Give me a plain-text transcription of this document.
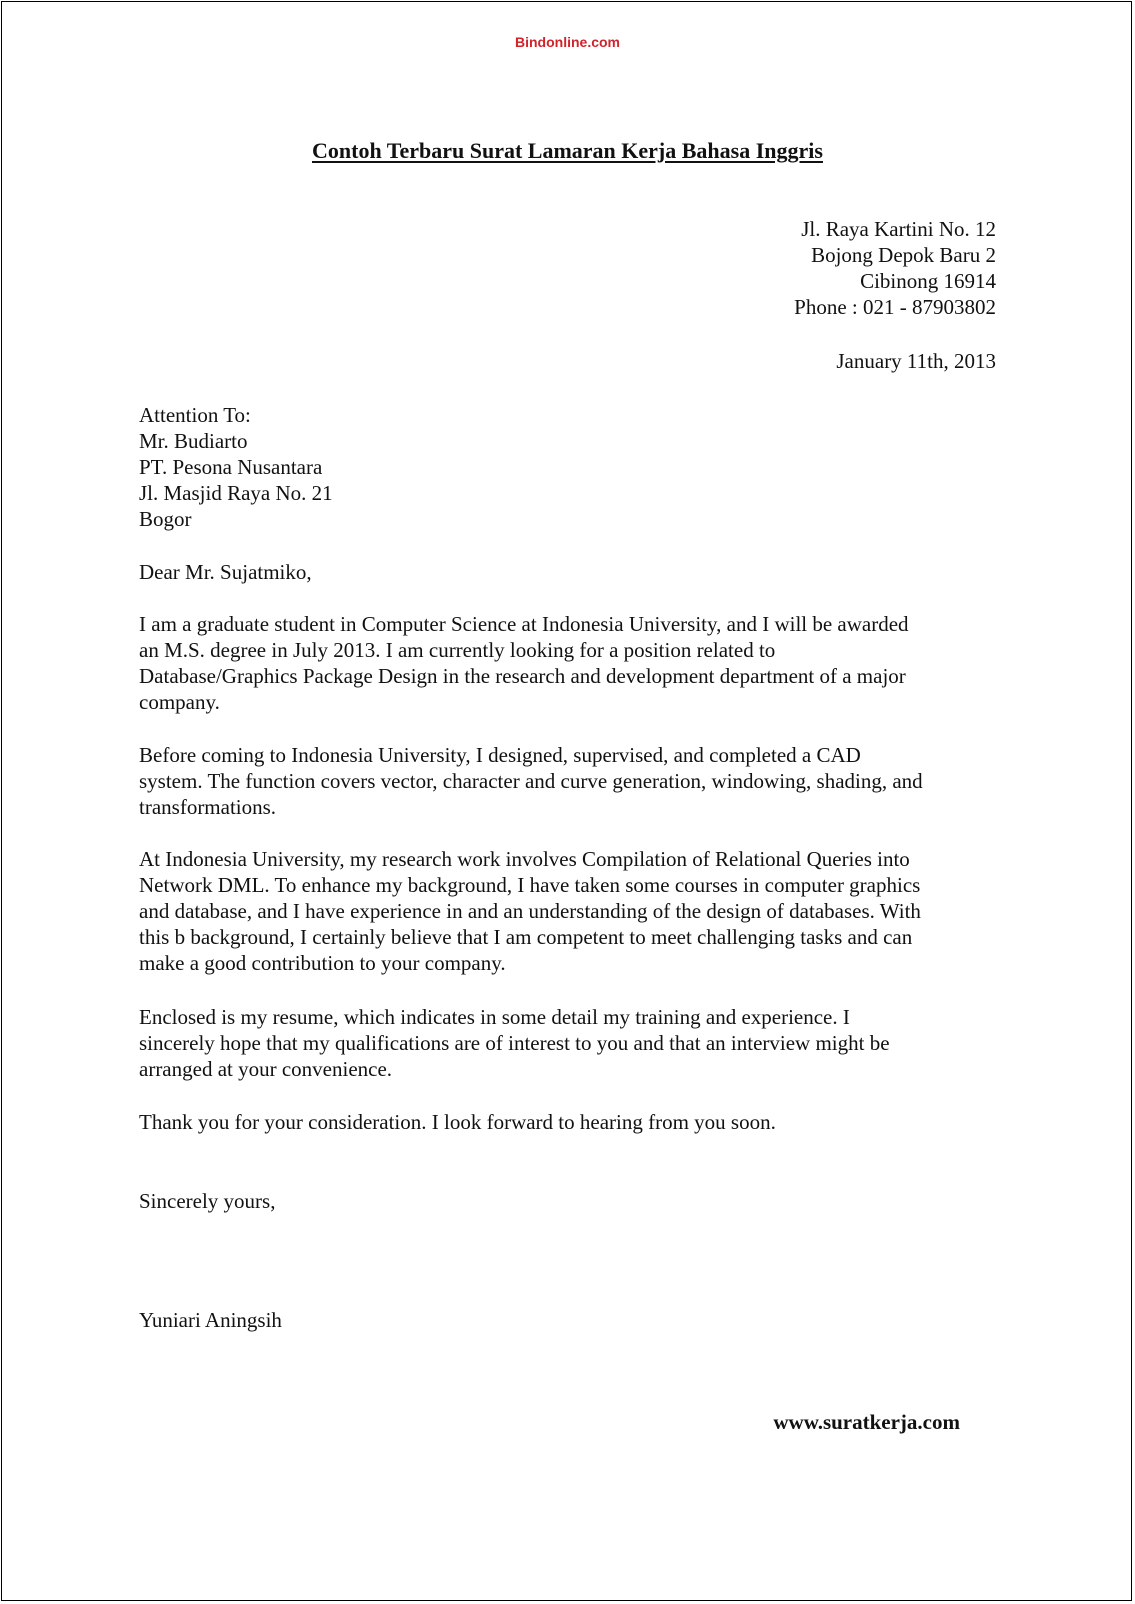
Bindonline.com
Contoh Terbaru Surat Lamaran Kerja Bahasa Inggris
Jl. Raya Kartini No. 12
Bojong Depok Baru 2
Cibinong 16914
Phone : 021 - 87903802
January 11th, 2013
Attention To:
Mr. Budiarto
PT. Pesona Nusantara
Jl. Masjid Raya No. 21
Bogor
Dear Mr. Sujatmiko,
I am a graduate student in Computer Science at Indonesia University, and I will be awarded
an M.S. degree in July 2013. I am currently looking for a position related to
Database/Graphics Package Design in the research and development department of a major
company.
Before coming to Indonesia University, I designed, supervised, and completed a CAD
system. The function covers vector, character and curve generation, windowing, shading, and
transformations.
At Indonesia University, my research work involves Compilation of Relational Queries into
Network DML. To enhance my background, I have taken some courses in computer graphics
and database, and I have experience in and an understanding of the design of databases. With
this b background, I certainly believe that I am competent to meet challenging tasks and can
make a good contribution to your company.
Enclosed is my resume, which indicates in some detail my training and experience. I
sincerely hope that my qualifications are of interest to you and that an interview might be
arranged at your convenience.
Thank you for your consideration. I look forward to hearing from you soon.
Sincerely yours,
Yuniari Aningsih
www.suratkerja.com
